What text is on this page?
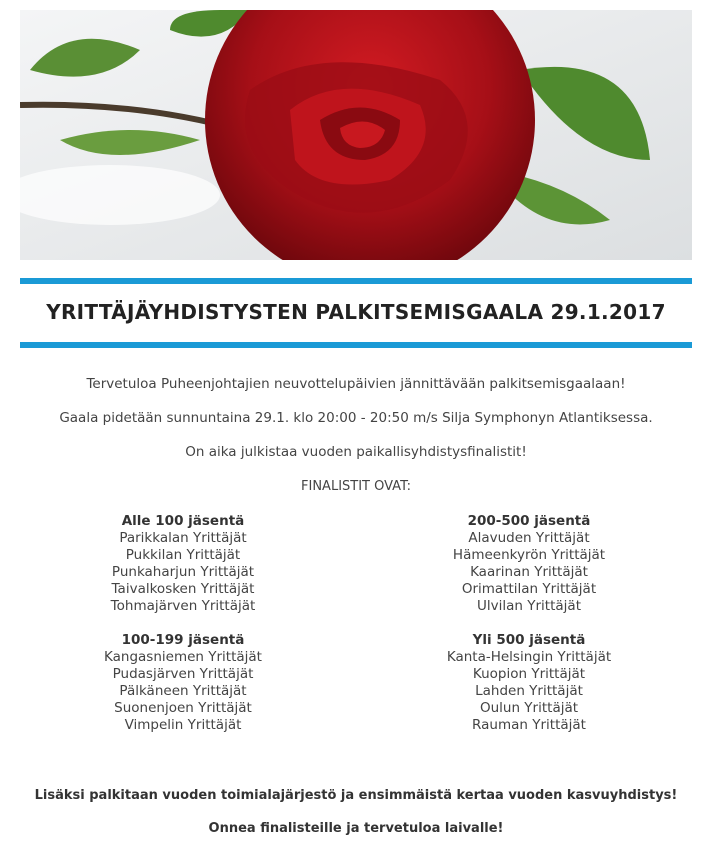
YRITTÄJÄYHDISTYSTEN PALKITSEMISGAALA 29.1.2017
Tervetuloa Puheenjohtajien neuvottelupäivien jännittävään palkitsemisgaalaan!
Gaala pidetään sunnuntaina 29.1. klo 20:00 - 20:50 m/s Silja Symphonyn Atlantiksessa.
On aika julkistaa vuoden paikallisyhdistysfinalistit!
FINALISTIT OVAT:
Alle 100 jäsentä
Parikkalan Yrittäjät
Pukkilan Yrittäjät
Punkaharjun Yrittäjät
Taivalkosken Yrittäjät
Tohmajärven Yrittäjät
200-500 jäsentä
Alavuden Yrittäjät
Hämeenkyrön Yrittäjät
Kaarinan Yrittäjät
Orimattilan Yrittäjät
Ulvilan Yrittäjät
100-199 jäsentä
Kangasniemen Yrittäjät
Pudasjärven Yrittäjät
Pälkäneen Yrittäjät
Suonenjoen Yrittäjät
Vimpelin Yrittäjät
Yli 500 jäsentä
Kanta-Helsingin Yrittäjät
Kuopion Yrittäjät
Lahden Yrittäjät
Oulun Yrittäjät
Rauman Yrittäjät
Lisäksi palkitaan vuoden toimialajärjestö ja ensimmäistä kertaa vuoden kasvuyhdistys!
Onnea finalisteille ja tervetuloa laivalle!
